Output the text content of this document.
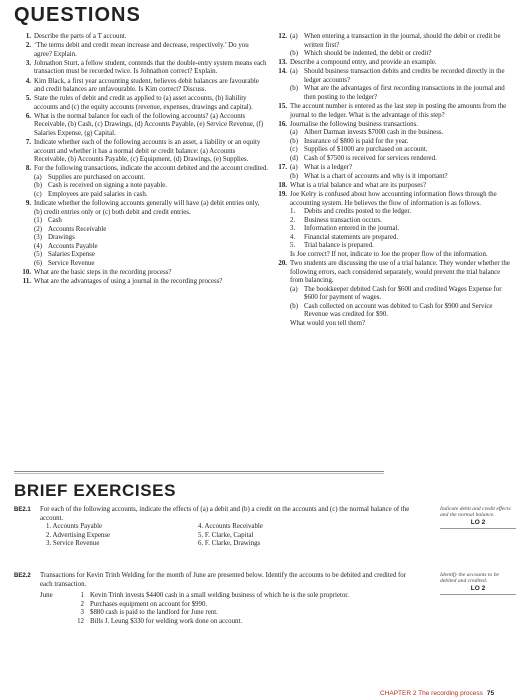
QUESTIONS
1. Describe the parts of a T account.
2. ‘The terms debit and credit mean increase and decrease, respectively.’ Do you agree? Explain.
3. Johnathon Sturt, a fellow student, contends that the double-entry system means each transaction must be recorded twice. Is Johnathon correct? Explain.
4. Kim Black, a first year accounting student, believes debit balances are favourable and credit balances are unfavourable. Is Kim correct? Discuss.
5. State the rules of debit and credit as applied to (a) asset accounts, (b) liability accounts and (c) the equity accounts (revenue, expenses, drawings and capital).
6. What is the normal balance for each of the following accounts? (a) Accounts Receivable, (b) Cash, (c) Drawings, (d) Accounts Payable, (e) Service Revenue, (f) Salaries Expense, (g) Capital.
7. Indicate whether each of the following accounts is an asset, a liability or an equity account and whether it has a normal debit or credit balance: (a) Accounts Receivable, (b) Accounts Payable, (c) Equipment, (d) Drawings, (e) Supplies.
8. For the following transactions, indicate the account debited and the account credited.
(a) Supplies are purchased on account.
(b) Cash is received on signing a note payable.
(c) Employees are paid salaries in cash.
9. Indicate whether the following accounts generally will have (a) debit entries only, (b) credit entries only or (c) both debit and credit entries.
(1) Cash
(2) Accounts Receivable
(3) Drawings
(4) Accounts Payable
(5) Salaries Expense
(6) Service Revenue
10. What are the basic steps in the recording process?
11. What are the advantages of using a journal in the recording process?
12. (a) When entering a transaction in the journal, should the debit or credit be written first?
(b) Which should be indented, the debit or credit?
13. Describe a compound entry, and provide an example.
14. (a) Should business transaction debits and credits be recorded directly in the ledger accounts?
(b) What are the advantages of first recording transactions in the journal and then posting to the ledger?
15. The account number is entered as the last step in posting the amounts from the journal to the ledger. What is the advantage of this step?
16. Journalise the following business transactions.
(a) Albert Darman invests $7000 cash in the business.
(b) Insurance of $800 is paid for the year.
(c) Supplies of $1000 are purchased on account.
(d) Cash of $7500 is received for services rendered.
17. (a) What is a ledger?
(b) What is a chart of accounts and why is it important?
18. What is a trial balance and what are its purposes?
19. Joe Kelry is confused about how accounting information flows through the accounting system. He believes the flow of information is as follows.
1.	Debits and credits posted to the ledger.
2.	Business transaction occurs.
3.	Information entered in the journal.
4.	Financial statements are prepared.
5.	Trial balance is prepared.
Is Joe correct? If not, indicate to Joe the proper flow of the information.
20. Two students are discussing the use of a trial balance. They wonder whether the following errors, each considered separately, would prevent the trial balance from balancing.
(a) The bookkeeper debited Cash for $600 and credited Wages Expense for $600 for payment of wages.
(b) Cash collected on account was debited to Cash for $900 and Service Revenue was credited for $90.
What would you tell them?
BRIEF EXERCISES
BE2.1 For each of the following accounts, indicate the effects of (a) a debit and (b) a credit on the accounts and (c) the normal balance of the account.
1. Accounts Payable	4. Accounts Receivable
2. Advertising Expense	5. F. Clarke, Capital
3. Service Revenue	6. F. Clarke, Drawings
Indicate debit and credit effects and the normal balance.
LO 2
BE2.2 Transactions for Kevin Trinh Welding for the month of June are presented below. Identify the accounts to be debited and credited for each transaction.
June	1 Kevin Trinh invests $4400 cash in a small welding business of which he is the sole proprietor.
2 Purchases equipment on account for $990.
3 $880 cash is paid to the landlord for June rent.
12 Bills J. Leung $330 for welding work done on account.
Identify the accounts to be debited and credited.
LO 2
CHAPTER 2 The recording process 75
